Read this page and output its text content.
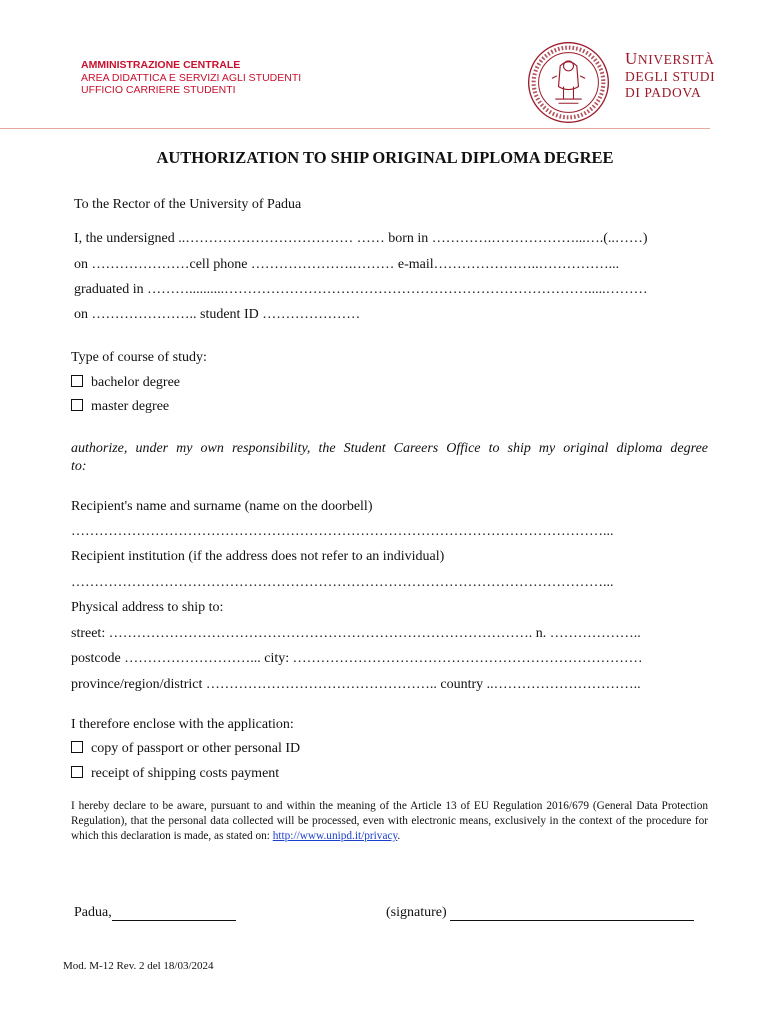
AMMINISTRAZIONE CENTRALE
AREA DIDATTICA E SERVIZI AGLI STUDENTI
UFFICIO CARRIERE STUDENTI
UNIVERSITÀ
DEGLI STUDI
DI PADOVA
AUTHORIZATION TO SHIP ORIGINAL DIPLOMA DEGREE
To the Rector of the University of Padua
I, the undersigned ..……………………………… …… born in ………….………………...….(..……)
on …………………cell phone ………………….……… e-mail…………………..……………...
graduated in ………..........…………………………………………………………………….....………
on ………………….. student ID …………………
Type of course of study:
bachelor degree
master degree
authorize, under my own responsibility, the Student Careers Office to ship my original diploma degree to:
Recipient's name and surname (name on the doorbell)
……………………………………………………………………………………………………...
Recipient institution (if the address does not refer to an individual)
……………………………………………………………………………………………………...
Physical address to ship to:
street: ………………………………………………………………………………. n. ………………..
postcode ………………………... city: …………………………………………………………………
province/region/district ………………………………………….. country ..…………………………..
I therefore enclose with the application:
copy of passport or other personal ID
receipt of shipping costs payment
I hereby declare to be aware, pursuant to and within the meaning of the Article 13 of EU Regulation 2016/679 (General Data Protection Regulation), that the personal data collected will be processed, even with electronic means, exclusively in the context of the procedure for which this declaration is made, as stated on: http://www.unipd.it/privacy.
Padua,	(signature)
Mod. M-12 Rev. 2 del 18/03/2024
